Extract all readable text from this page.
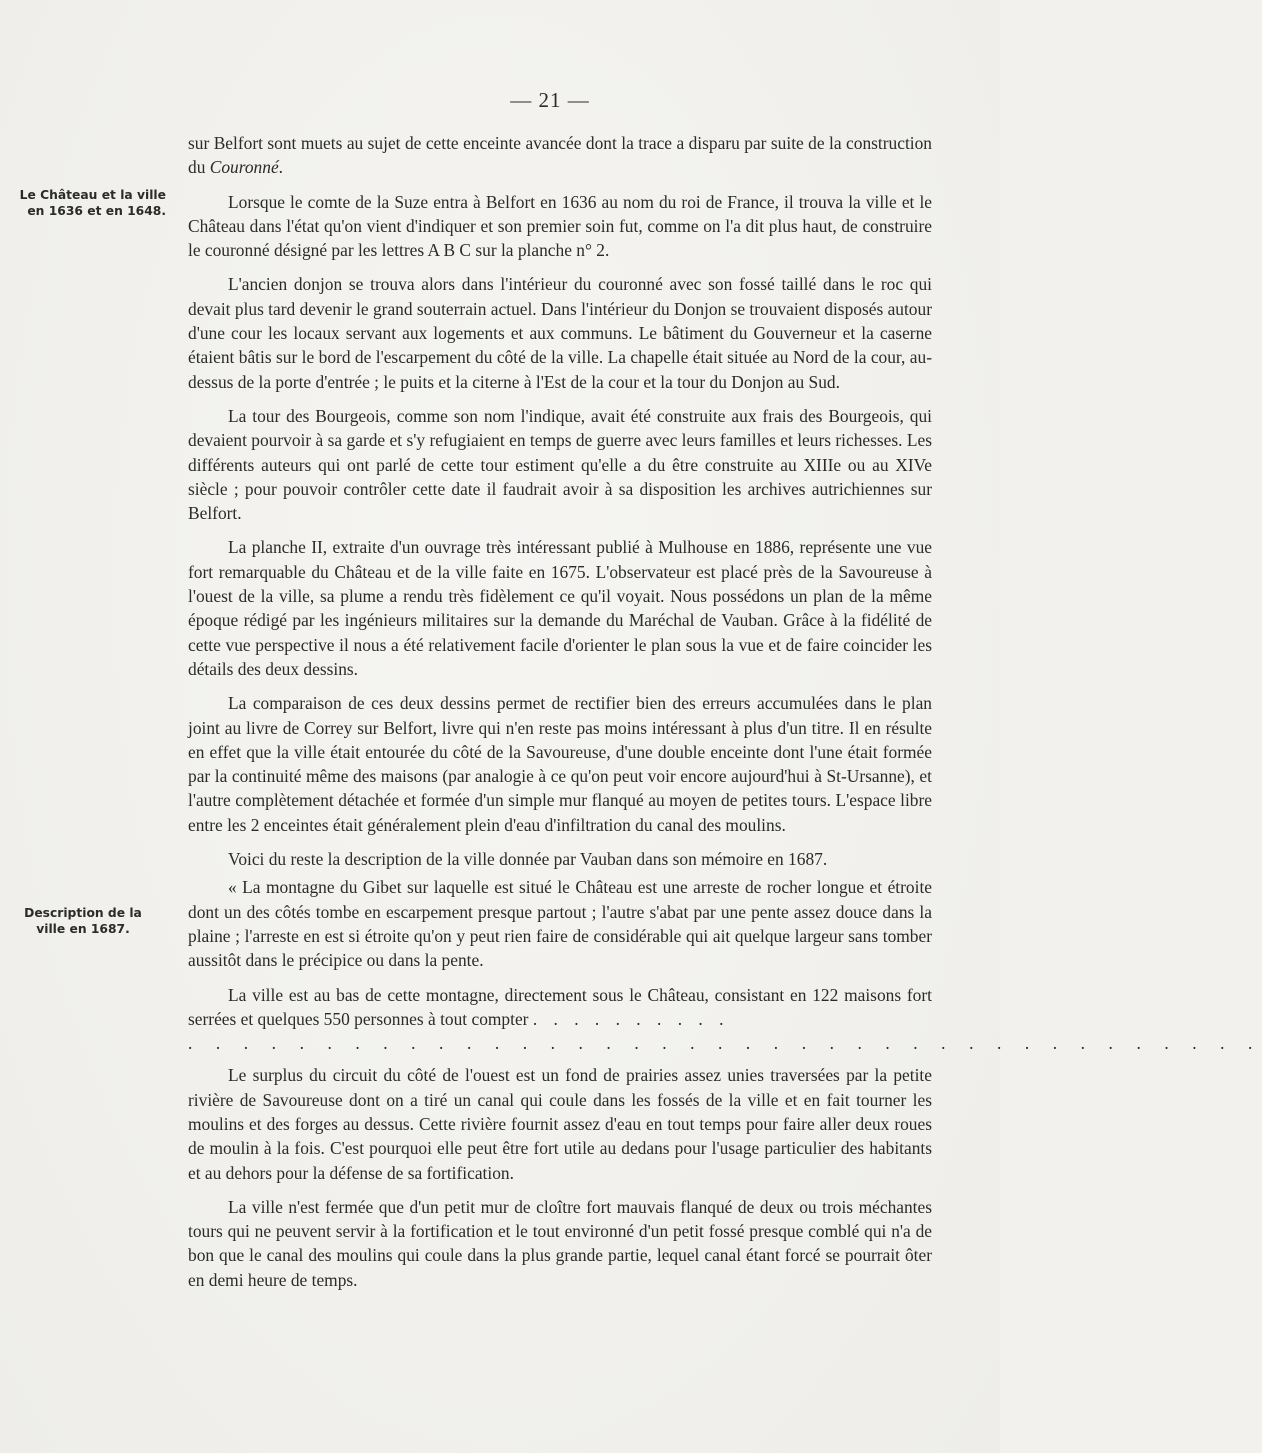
— 21 —
Le Château et la ville
en 1636 et en 1648.
Description de la
ville en 1687.

sur Belfort sont muets au sujet de cette enceinte avancée dont la trace a disparu par suite de la construction du Couronné.

Lorsque le comte de la Suze entra à Belfort en 1636 au nom du roi de France, il trouva la ville et le Château dans l'état qu'on vient d'indiquer et son premier soin fut, comme on l'a dit plus haut, de construire le couronné désigné par les lettres A B C sur la planche n° 2.

L'ancien donjon se trouva alors dans l'intérieur du couronné avec son fossé taillé dans le roc qui devait plus tard devenir le grand souterrain actuel. Dans l'intérieur du Donjon se trouvaient disposés autour d'une cour les locaux servant aux logements et aux communs. Le bâtiment du Gouverneur et la caserne étaient bâtis sur le bord de l'escarpement du côté de la ville. La chapelle était située au Nord de la cour, au-dessus de la porte d'entrée ; le puits et la citerne à l'Est de la cour et la tour du Donjon au Sud.

La tour des Bourgeois, comme son nom l'indique, avait été construite aux frais des Bourgeois, qui devaient pourvoir à sa garde et s'y refugiaient en temps de guerre avec leurs familles et leurs richesses. Les différents auteurs qui ont parlé de cette tour estiment qu'elle a du être construite au XIIIe ou au XIVe siècle ; pour pouvoir contrôler cette date il faudrait avoir à sa disposition les archives autrichiennes sur Belfort.

La planche II, extraite d'un ouvrage très intéressant publié à Mulhouse en 1886, représente une vue fort remarquable du Château et de la ville faite en 1675. L'observateur est placé près de la Savoureuse à l'ouest de la ville, sa plume a rendu très fidèlement ce qu'il voyait. Nous possédons un plan de la même époque rédigé par les ingénieurs militaires sur la demande du Maréchal de Vauban. Grâce à la fidélité de cette vue perspective il nous a été relativement facile d'orienter le plan sous la vue et de faire coincider les détails des deux dessins.

La comparaison de ces deux dessins permet de rectifier bien des erreurs accumulées dans le plan joint au livre de Correy sur Belfort, livre qui n'en reste pas moins intéressant à plus d'un titre. Il en résulte en effet que la ville était entourée du côté de la Savoureuse, d'une double enceinte dont l'une était formée par la continuité même des maisons (par analogie à ce qu'on peut voir encore aujourd'hui à St-Ursanne), et l'autre complètement détachée et formée d'un simple mur flanqué au moyen de petites tours. L'espace libre entre les 2 enceintes était généralement plein d'eau d'infiltration du canal des moulins.

Voici du reste la description de la ville donnée par Vauban dans son mémoire en 1687.

« La montagne du Gibet sur laquelle est situé le Château est une arreste de rocher longue et étroite dont un des côtés tombe en escarpement presque partout ; l'autre s'abat par une pente assez douce dans la plaine ; l'arreste en est si étroite qu'on y peut rien faire de considérable qui ait quelque largeur sans tomber aussitôt dans le précipice ou dans la pente.

La ville est au bas de cette montagne, directement sous le Château, consistant en 122 maisons fort serrées et quelques 550 personnes à tout compter . . . . . . . . . .

. . . . . . . . . . . . . . . . . . . . . . . . . . . . . . . . . . . . . . .

Le surplus du circuit du côté de l'ouest est un fond de prairies assez unies traversées par la petite rivière de Savoureuse dont on a tiré un canal qui coule dans les fossés de la ville et en fait tourner les moulins et des forges au dessus. Cette rivière fournit assez d'eau en tout temps pour faire aller deux roues de moulin à la fois. C'est pourquoi elle peut être fort utile au dedans pour l'usage particulier des habitants et au dehors pour la défense de sa fortification.

La ville n'est fermée que d'un petit mur de cloître fort mauvais flanqué de deux ou trois méchantes tours qui ne peuvent servir à la fortification et le tout environné d'un petit fossé presque comblé qui n'a de bon que le canal des moulins qui coule dans la plus grande partie, lequel canal étant forcé se pourrait ôter en demi heure de temps.
